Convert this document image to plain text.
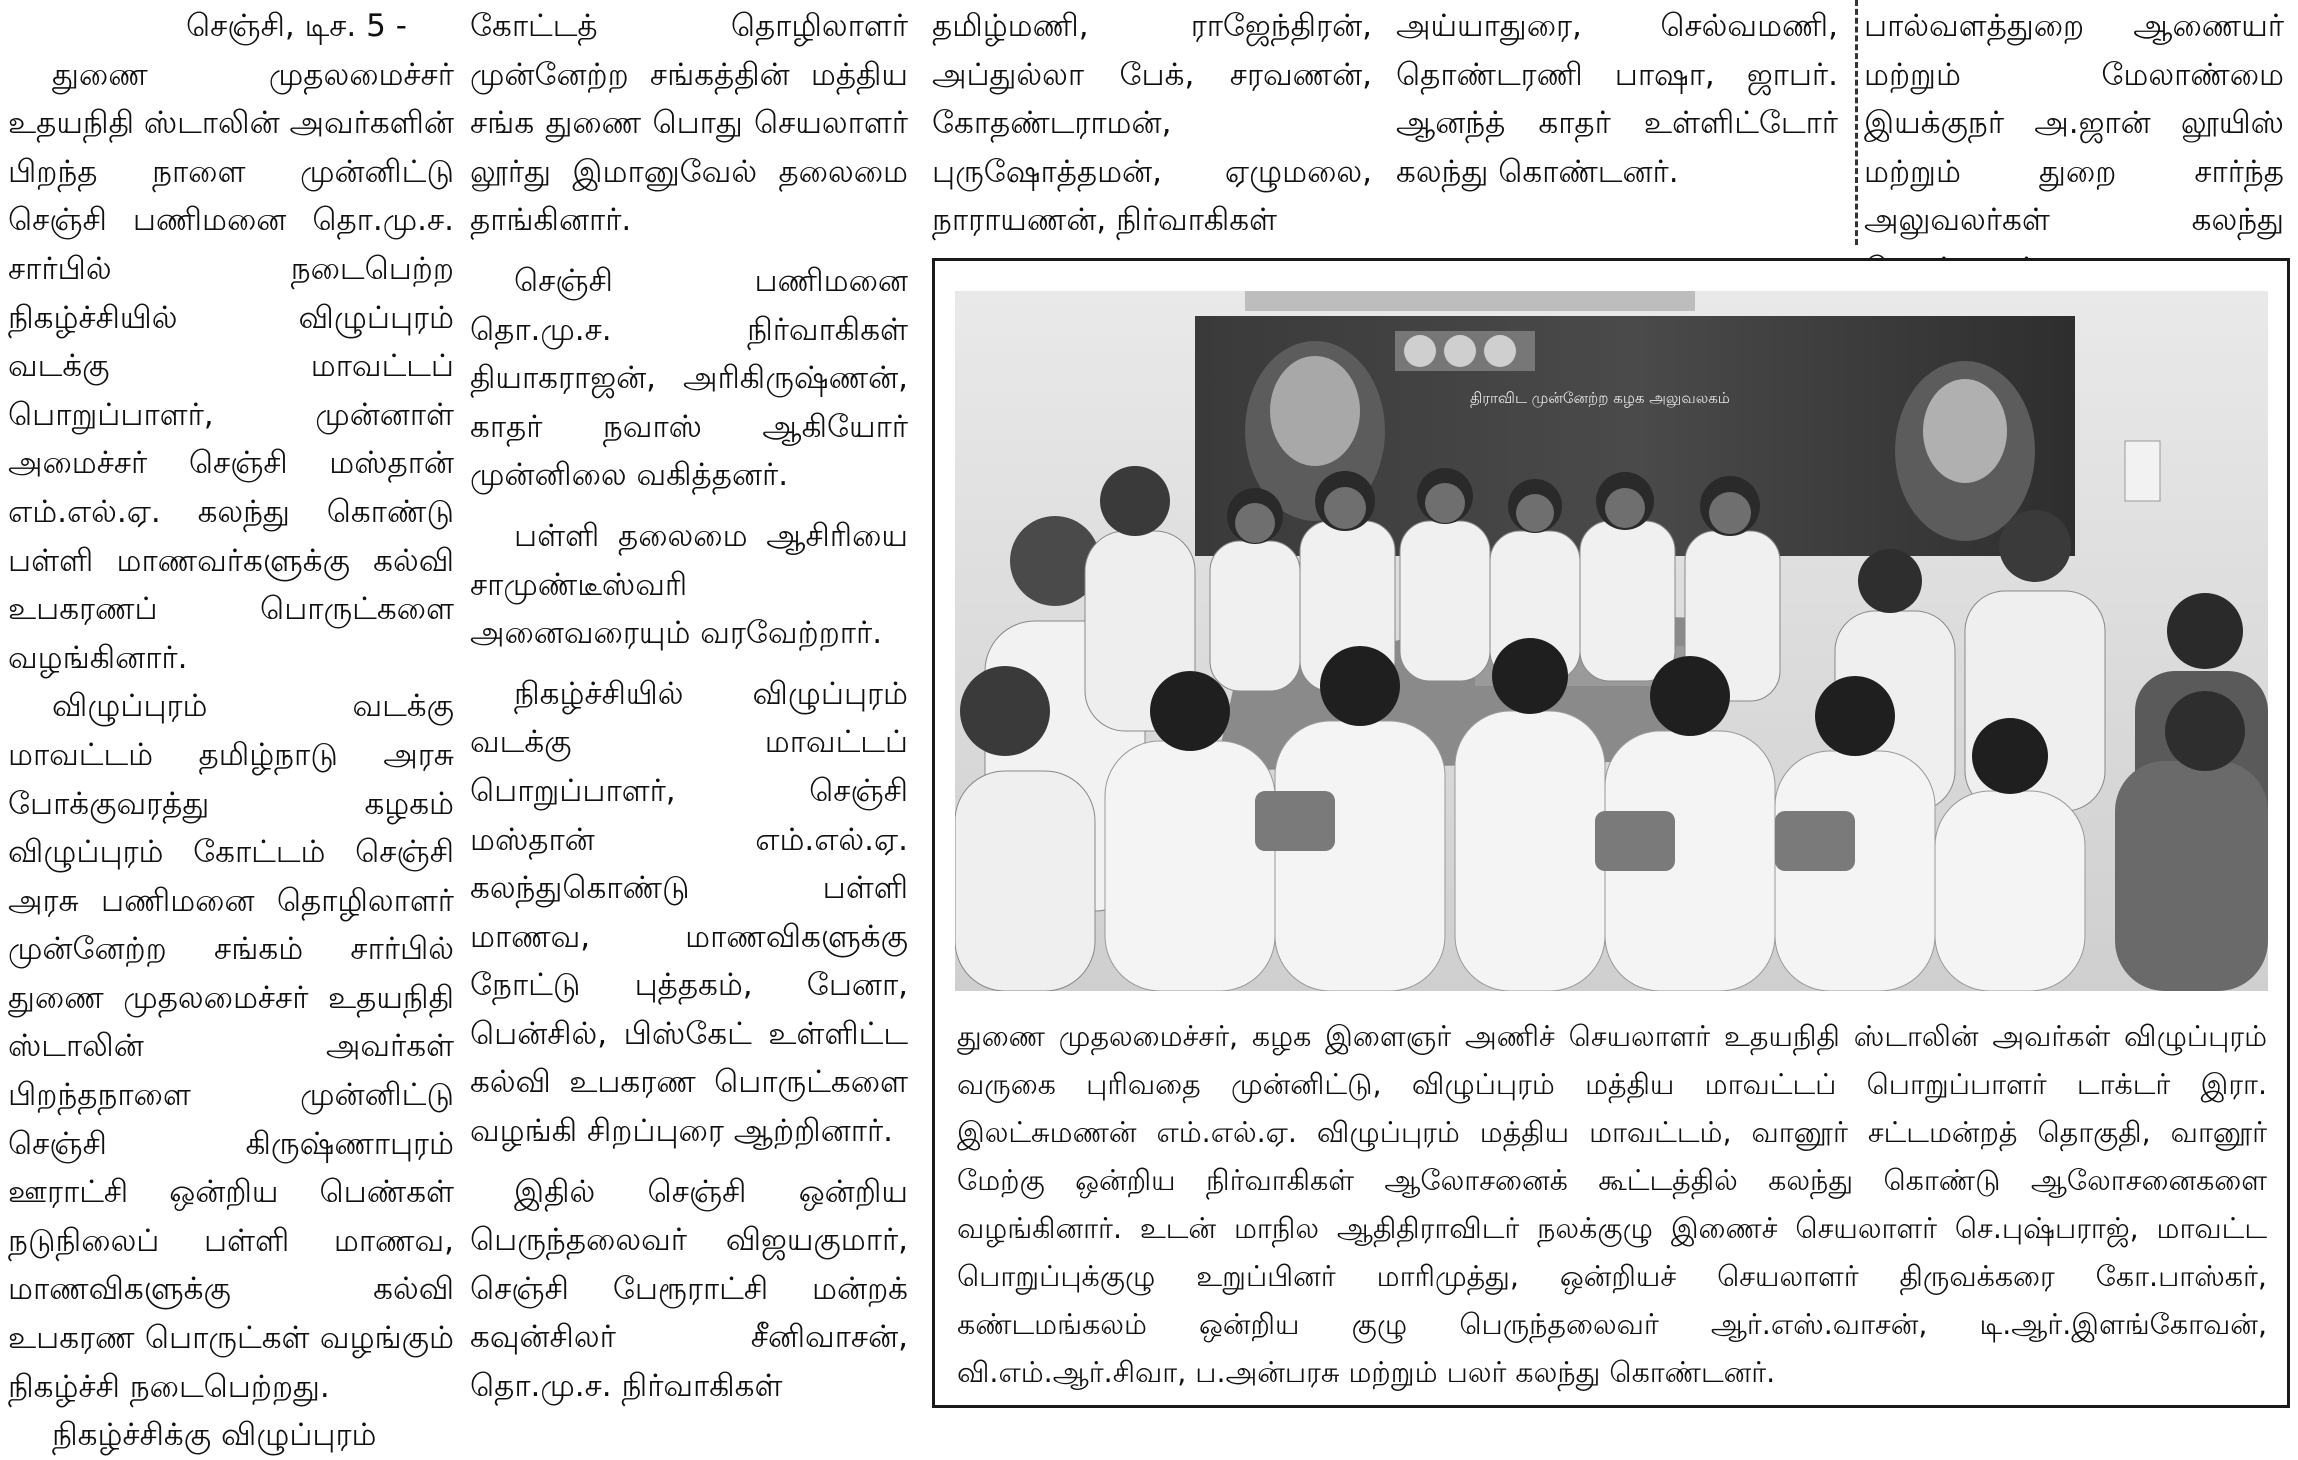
செஞ்சி, டிச. 5 -

துணை முதலமைச்சர் உதயநிதி ஸ்டாலின் அவர்களின் பிறந்த நாளை முன்னிட்டு செஞ்சி பணிமனை தொ.மு.ச. சார்பில் நடைபெற்ற நிகழ்ச்சியில் விழுப்புரம் வடக்கு மாவட்டப் பொறுப்பாளர், முன்னாள் அமைச்சர் செஞ்சி மஸ்தான் எம்.எல்.ஏ. கலந்து கொண்டு பள்ளி மாணவர்களுக்கு கல்வி உபகரணப் பொருட்களை வழங்கினார்.

விழுப்புரம் வடக்கு மாவட்டம் தமிழ்நாடு அரசு போக்குவரத்து கழகம் விழுப்புரம் கோட்டம் செஞ்சி அரசு பணிமனை தொழிலாளர் முன்னேற்ற சங்கம் சார்பில் துணை முதலமைச்சர் உதயநிதி ஸ்டாலின் அவர்கள் பிறந்தநாளை முன்னிட்டு செஞ்சி கிருஷ்ணாபுரம் ஊராட்சி ஒன்றிய பெண்கள் நடுநிலைப் பள்ளி மாணவ, மாணவிகளுக்கு கல்வி உபகரண பொருட்கள் வழங்கும் நிகழ்ச்சி நடைபெற்றது.

நிகழ்ச்சிக்கு விழுப்புரம்

கோட்டத் தொழிலாளர் முன்னேற்ற சங்கத்தின் மத்திய சங்க துணை பொது செயலாளர் லூர்து இமானுவேல் தலைமை தாங்கினார்.

செஞ்சி பணிமனை தொ.மு.ச. நிர்வாகிகள் தியாகராஜன், அரிகிருஷ்ணன், காதர் நவாஸ் ஆகியோர் முன்னிலை வகித்தனர்.

பள்ளி தலைமை ஆசிரியை சாமுண்டீஸ்வரி அனைவரையும் வரவேற்றார்.

நிகழ்ச்சியில் விழுப்புரம் வடக்கு மாவட்டப் பொறுப்பாளர், செஞ்சி மஸ்தான் எம்.எல்.ஏ. கலந்துகொண்டு பள்ளி மாணவ, மாணவிகளுக்கு நோட்டு புத்தகம், பேனா, பென்சில், பிஸ்கேட் உள்ளிட்ட கல்வி உபகரண பொருட்களை வழங்கி சிறப்புரை ஆற்றினார்.

இதில் செஞ்சி ஒன்றிய பெருந்தலைவர் விஜயகுமார், செஞ்சி பேரூராட்சி மன்றக் கவுன்சிலர் சீனிவாசன், தொ.மு.ச. நிர்வாகிகள்

தமிழ்மணி, ராஜேந்திரன், அப்துல்லா பேக், சரவணன், கோதண்டராமன், புருஷோத்தமன், ஏழுமலை, நாராயணன், நிர்வாகிகள்

அய்யாதுரை, செல்வமணி, தொண்டரணி பாஷா, ஜாபர். ஆனந்த் காதர் உள்ளிட்டோர் கலந்து கொண்டனர்.

பால்வளத்துறை ஆணையர் மற்றும் மேலாண்மை இயக்குநர் அ.ஜான் லூயிஸ் மற்றும் துறை சார்ந்த அலுவலர்கள் கலந்து

திராவிட முன்னேற்ற கழக அலுவலகம்
துணை முதலமைச்சர், கழக இளைஞர் அணிச் செயலாளர் உதயநிதி ஸ்டாலின் அவர்கள் விழுப்புரம் வருகை புரிவதை முன்னிட்டு, விழுப்புரம் மத்திய மாவட்டப் பொறுப்பாளர் டாக்டர் இரா. இலட்சுமணன் எம்.எல்.ஏ. விழுப்புரம் மத்திய மாவட்டம், வானூர் சட்டமன்றத் தொகுதி, வானூர் மேற்கு ஒன்றிய நிர்வாகிகள் ஆலோசனைக் கூட்டத்தில் கலந்து கொண்டு ஆலோசனைகளை வழங்கினார். உடன் மாநில ஆதிதிராவிடர் நலக்குழு இணைச் செயலாளர் செ.புஷ்பராஜ், மாவட்ட பொறுப்புக்குழு உறுப்பினர் மாரிமுத்து, ஒன்றியச் செயலாளர் திருவக்கரை கோ.பாஸ்கர், கண்டமங்கலம் ஒன்றிய குழு பெருந்தலைவர் ஆர்.எஸ்.வாசன், டி.ஆர்.இளங்கோவன், வி.எம்.ஆர்.சிவா, ப.அன்பரசு மற்றும் பலர் கலந்து கொண்டனர்.
